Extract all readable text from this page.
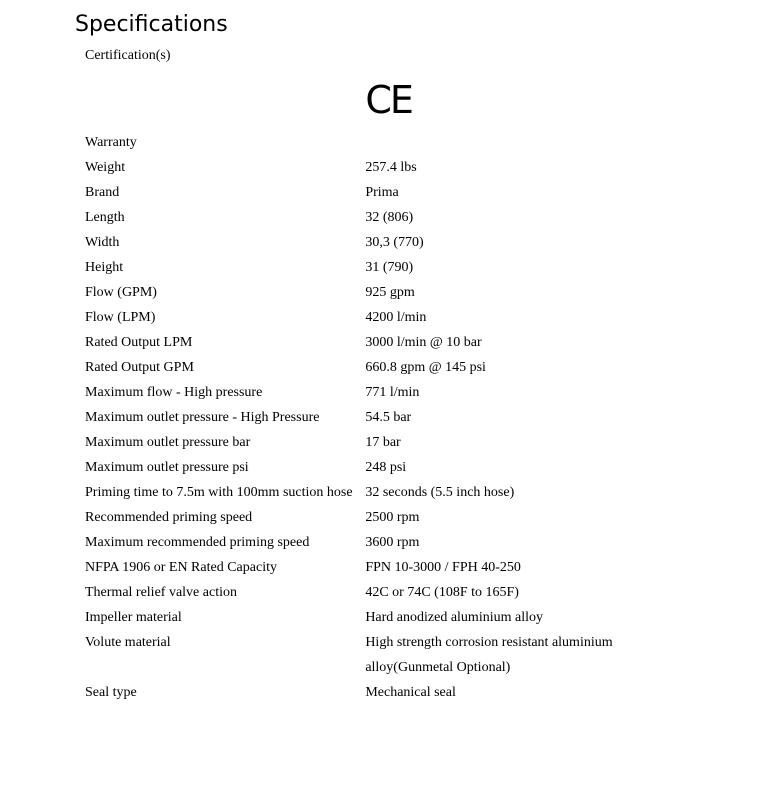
Specifications
Certification(s)	
	CE
Warranty	
Weight	257.4 lbs
Brand	Prima
Length	32 (806)
Width	30,3 (770)
Height	31 (790)
Flow (GPM)	925 gpm
Flow (LPM)	4200 l/min
Rated Output LPM	3000 l/min @ 10 bar
Rated Output GPM	660.8 gpm @ 145 psi
Maximum flow - High pressure	771 l/min
Maximum outlet pressure - High Pressure	54.5 bar
Maximum outlet pressure bar	17 bar
Maximum outlet pressure psi	248 psi
Priming time to 7.5m with 100mm suction hose	32 seconds (5.5 inch hose)
Recommended priming speed	2500 rpm
Maximum recommended priming speed	3600 rpm
NFPA 1906 or EN Rated Capacity	FPN 10-3000 / FPH 40-250
Thermal relief valve action	42C or 74C (108F to 165F)
Impeller material	Hard anodized aluminium alloy
Volute material	High strength corrosion resistant aluminium alloy(Gunmetal Optional)
Seal type	Mechanical seal
